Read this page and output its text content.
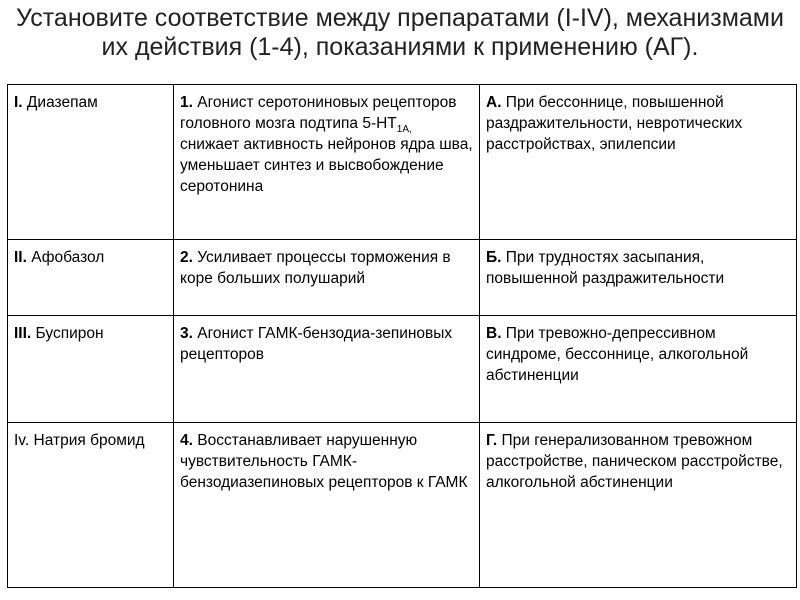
Установите соответствие между препаратами (I-IV), механизмами их действия (1-4), показаниями к применению (АГ).
I. Диазепам	1. Агонист серотониновых рецепторов головного мозга подтипа $5-НТ_{1А,}$ снижает активность нейронов ядра шва, уменьшает синтез и высвобождение серотонина	А. При бессоннице, повышенной раздражительности, невротических расстройствах, эпилепсии
II. Афобазол	2. Усиливает процессы торможения в коре больших полушарий	Б. При трудностях засыпания, повышенной раздражительности
III. Буспирон	3. Агонист ГАМК-бензодиа-зепиновых рецепторов	В. При тревожно-депрессивном синдроме, бессоннице, алкогольной абстиненции
Iv. Натрия бромид	4. Восстанавливает нарушенную чувствительность ГАМК-бензодиазепиновых рецепторов к ГАМК	Г. При генерализованном тревожном расстройстве, паническом расстройстве, алкогольной абстиненции
